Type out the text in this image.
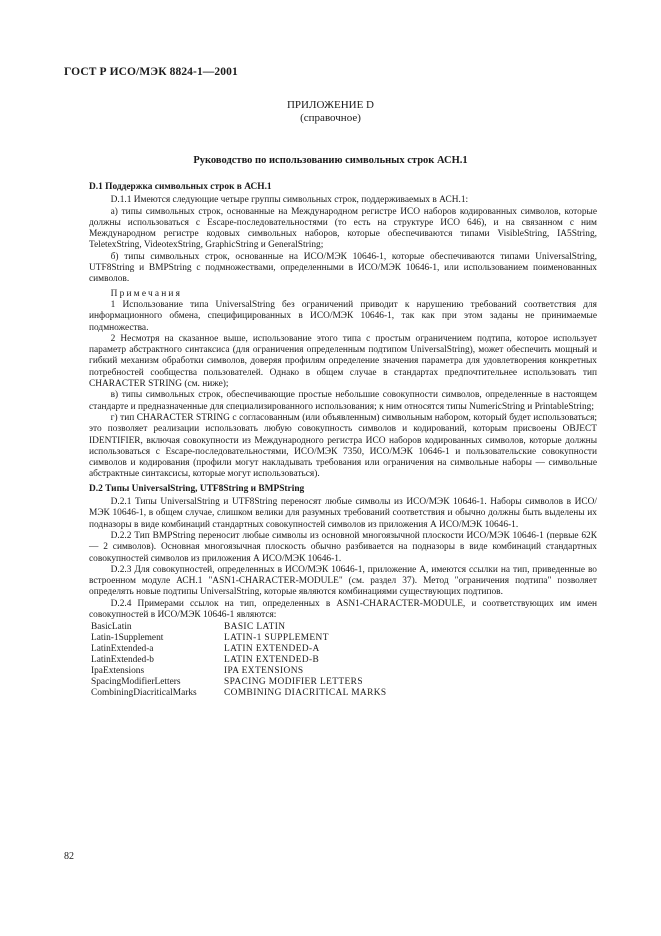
ГОСТ Р ИСО/МЭК 8824-1—2001
ПРИЛОЖЕНИЕ D
(справочное)
Руководство по использованию символьных строк АСН.1

D.1 Поддержка символьных строк в АСН.1

D.1.1 Имеются следующие четыре группы символьных строк, поддерживаемых в АСН.1:

а) типы символьных строк, основанные на Международном регистре ИСО наборов кодированных символов, которые должны использоваться с Escape-последовательностями (то есть на структуре ИСО 646), и на связанном с ним Международном регистре кодовых символьных наборов, которые обеспечиваются типами VisibleString, IA5String, TeletexString, VideotexString, GraphicString и GeneralString;

б) типы символьных строк, основанные на ИСО/МЭК 10646-1, которые обеспечиваются типами UniversalString, UTF8String и BMPString с подмножествами, определенными в ИСО/МЭК 10646-1, или использованием поименованных символов.

Примечания

1 Использование типа UniversalString без ограничений приводит к нарушению требований соответствия для информационного обмена, специфицированных в ИСО/МЭК 10646-1, так как при этом заданы не принимаемые подмножества.

2 Несмотря на сказанное выше, использование этого типа с простым ограничением подтипа, которое использует параметр абстрактного синтаксиса (для ограничения определенным подтипом UniversalString), может обеспечить мощный и гибкий механизм обработки символов, доверяя профилям определение значения параметра для удовлетворения конкретных потребностей сообщества пользователей. Однако в общем случае в стандартах предпочтительнее использовать тип CHARACTER STRING (см. ниже);

в) типы символьных строк, обеспечивающие простые небольшие совокупности символов, определенные в настоящем стандарте и предназначенные для специализированного использования; к ним относятся типы NumericString и PrintableString;

г) тип CHARACTER STRING с согласованным (или объявленным) символьным набором, который будет использоваться; это позволяет реализации использовать любую совокупность символов и кодирований, которым присвоены OBJECT IDENTIFIER, включая совокупности из Международного регистра ИСО наборов кодированных символов, которые должны использоваться с Escape-последовательностями, ИСО/МЭК 7350, ИСО/МЭК 10646-1 и пользовательские совокупности символов и кодирования (профили могут накладывать требования или ограничения на символьные наборы — символьные абстрактные синтаксисы, которые могут использоваться).

D.2 Типы UniversalString, UTF8String и BMPString

D.2.1 Типы UniversalString и UTF8String переносят любые символы из ИСО/МЭК 10646-1. Наборы символов в ИСО/МЭК 10646-1, в общем случае, слишком велики для разумных требований соответствия и обычно должны быть выделены их подназоры в виде комбинаций стандартных совокупностей символов из приложения А ИСО/МЭК 10646-1.

D.2.2 Тип BMPString переносит любые символы из основной многоязычной плоскости ИСО/МЭК 10646-1 (первые 62К — 2 символов). Основная многоязычная плоскость обычно разбивается на подназоры в виде комбинаций стандартных совокупностей символов из приложения А ИСО/МЭК 10646-1.

D.2.3 Для совокупностей, определенных в ИСО/МЭК 10646-1, приложение А, имеются ссылки на тип, приведенные во встроенном модуле АСН.1 "ASN1-CHARACTER-MODULE" (см. раздел 37). Метод "ограничения подтипа" позволяет определять новые подтипы UniversalString, которые являются комбинациями существующих подтипов.

D.2.4 Примерами ссылок на тип, определенных в ASN1-CHARACTER-MODULE, и соответствующих им имен совокупностей в ИСО/МЭК 10646-1 являются:

BasicLatin	BASIC LATIN
Latin-1Supplement	LATIN-1 SUPPLEMENT
LatinExtended-a	LATIN EXTENDED-A
LatinExtended-b	LATIN EXTENDED-B
IpaExtensions	IPA EXTENSIONS
SpacingModifierLetters	SPACING MODIFIER LETTERS
CombiningDiacriticalMarks	COMBINING DIACRITICAL MARKS
82
